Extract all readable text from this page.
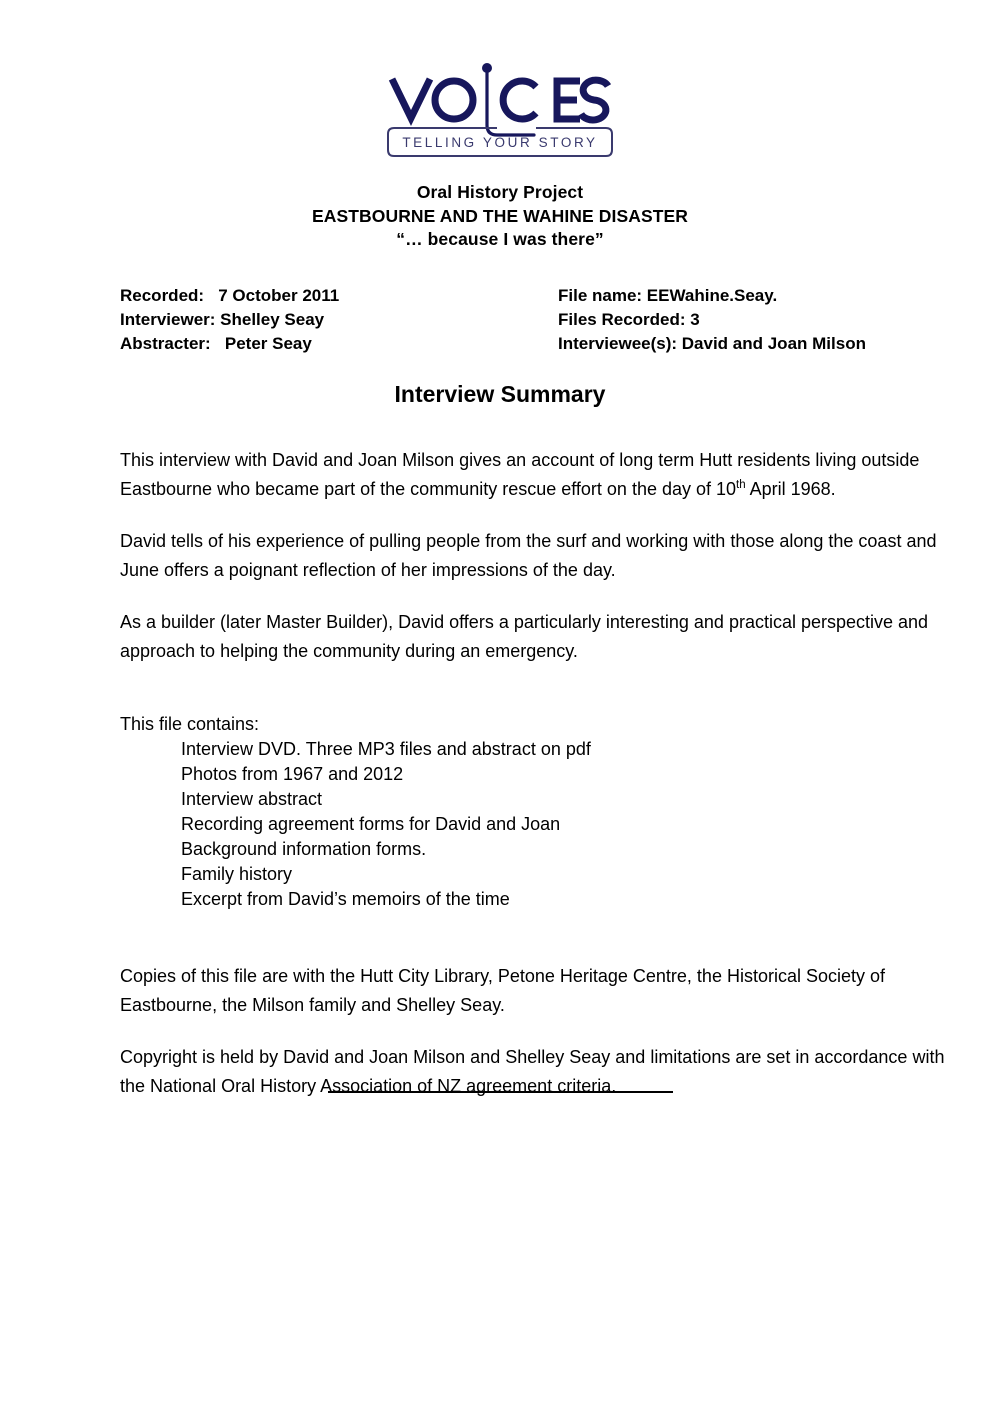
TELLING YOUR STORY
Oral History Project
EASTBOURNE AND THE WAHINE DISASTER
“… because I was there”
Recorded:   7 October 2011	File name: EEWahine.Seay.
Interviewer: Shelley Seay	Files Recorded: 3
Abstracter:   Peter Seay	Interviewee(s): David and Joan Milson
Interview Summary

This interview with David and Joan Milson gives an account of long term Hutt residents living outside Eastbourne who became part of the community rescue effort on the day of 10th April 1968.

David tells of his experience of pulling people from the surf and working with those along the coast and June offers a poignant reflection of her impressions of the day.

As a builder (later Master Builder), David offers a particularly interesting and practical perspective and approach to helping the community during an emergency.

This file contains:
Interview DVD. Three MP3 files and abstract on pdf
Photos from 1967 and 2012
Interview abstract
Recording agreement forms for David and Joan
Background information forms.
Family history
Excerpt from David’s memoirs of the time

Copies of this file are with the Hutt City Library, Petone Heritage Centre, the Historical Society of Eastbourne, the Milson family and Shelley Seay.

Copyright is held by David and Joan Milson and Shelley Seay and limitations are set in accordance with the National Oral History Association of NZ agreement criteria.
